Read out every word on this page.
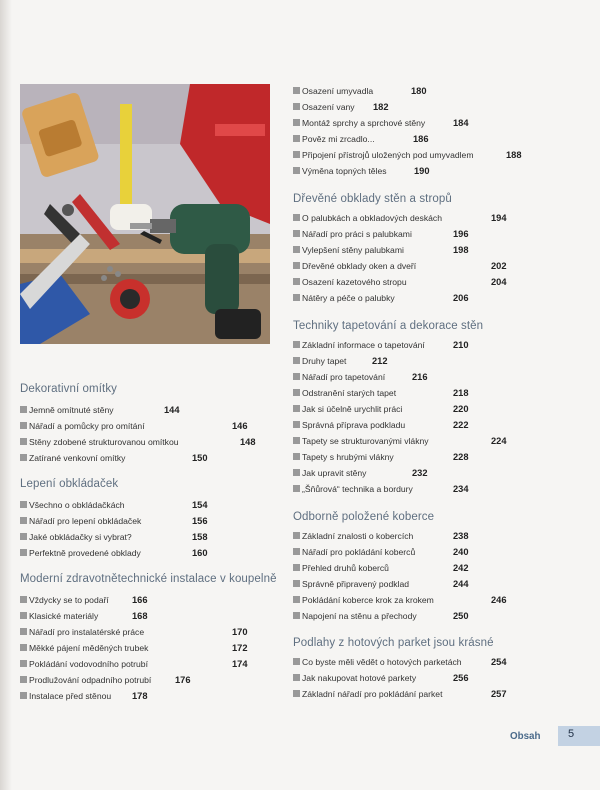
Dekorativní omítky
Jemně omítnuté stěny	144
Nářadí a pomůcky pro omítání	146
Stěny zdobené strukturovanou omítkou	148
Zatírané venkovní omítky	150
Lepení obkládaček
Všechno o obkládačkách	154
Nářadí pro lepení obkládaček	156
Jaké obkládačky si vybrat?	158
Perfektně provedené obklady	160
Moderní zdravotnětechnické instalace v koupelně
Vždycky se to podaří 166
Klasické materiály	168
Nářadí pro instalatérské práce	170
Měkké pájení měděných trubek	172
Pokládání vodovodního potrubí	174
Prodlužování odpadního potrubí	176
Instalace před stěnou 178
Osazení umyvadla	180
Osazení vany 182
Montáž sprchy a sprchové stěny	184
Pověz mi zrcadlo...	186
Připojení přístrojů uložených pod umyvadlem	188
Výměna topných těles	190
Dřevěné obklady stěn a stropů
O palubkách a obkladových deskách	194
Nářadí pro práci s palubkami	196
Vylepšení stěny palubkami	198
Dřevěné obklady oken a dveří	202
Osazení kazetového stropu	204
Nátěry a péče o palubky	206
Techniky tapetování a dekorace stěn
Základní informace o tapetování	210
Druhy tapet	212
Nářadí pro tapetování	216
Odstranění starých tapet	218
Jak si účelně urychlit práci	220
Správná příprava podkladu	222
Tapety se strukturovanými vlákny	224
Tapety s hrubými vlákny	228
Jak upravit stěny	232
„Šňůrová“ technika a bordury	234
Odborně položené koberce
Základní znalosti o kobercích	238
Nářadí pro pokládání koberců	240
Přehled druhů koberců	242
Správně připravený podklad	244
Pokládání koberce krok za krokem	246
Napojení na stěnu a přechody	250
Podlahy z hotových parket jsou krásné
Co byste měli vědět o hotových parketách	254
Jak nakupovat hotové parkety	256
Základní nářadí pro pokládání parket	257
Obsah	5
